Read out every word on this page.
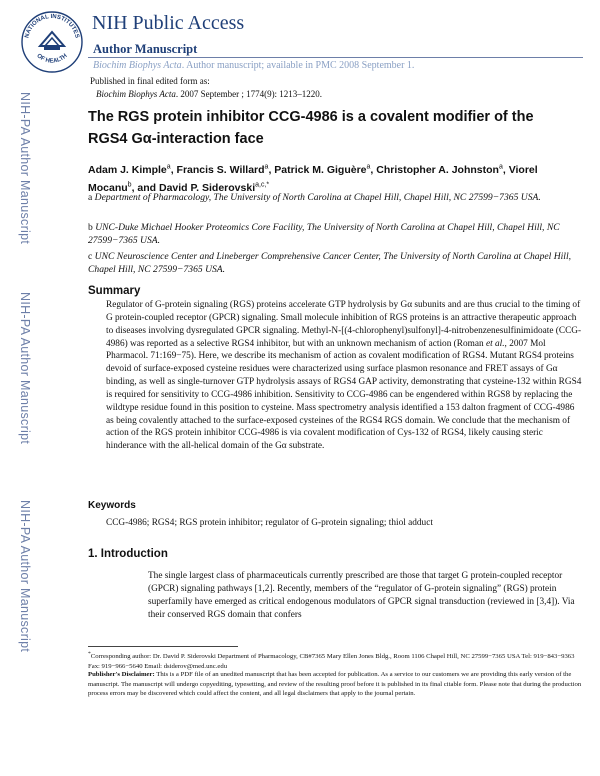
NATIONAL INSTITUTES
OF HEALTH
NIH Public Access
Author Manuscript
Biochim Biophys Acta. Author manuscript; available in PMC 2008 September 1.
Published in final edited form as:
Biochim Biophys Acta. 2007 September ; 1774(9): 1213–1220.
NIH-PA Author Manuscript
NIH-PA Author Manuscript
NIH-PA Author Manuscript
The RGS protein inhibitor CCG-4986 is a covalent modifier of the RGS4 Gα-interaction face
Adam J. Kimple$^a$, Francis S. Willard$^a$, Patrick M. Giguère$^a$, Christopher A. Johnston$^a$, Viorel Mocanu$^b$, and David P. Siderovski$^{a,c,*}$
a Department of Pharmacology, The University of North Carolina at Chapel Hill, Chapel Hill, NC 27599−7365 USA.
b UNC-Duke Michael Hooker Proteomics Core Facility, The University of North Carolina at Chapel Hill, Chapel Hill, NC 27599−7365 USA.
c UNC Neuroscience Center and Lineberger Comprehensive Cancer Center, The University of North Carolina at Chapel Hill, Chapel Hill, NC 27599−7365 USA.
Summary
Regulator of G-protein signaling (RGS) proteins accelerate GTP hydrolysis by Gα subunits and are thus crucial to the timing of G protein-coupled receptor (GPCR) signaling. Small molecule inhibition of RGS proteins is an attractive therapeutic approach to diseases involving dysregulated GPCR signaling. Methyl-N-[(4-chlorophenyl)sulfonyl]-4-nitrobenzenesulfinimidoate (CCG-4986) was reported as a selective RGS4 inhibitor, but with an unknown mechanism of action (Roman et al., 2007 Mol Pharmacol. 71:169−75). Here, we describe its mechanism of action as covalent modification of RGS4. Mutant RGS4 proteins devoid of surface-exposed cysteine residues were characterized using surface plasmon resonance and FRET assays of Gα binding, as well as single-turnover GTP hydrolysis assays of RGS4 GAP activity, demonstrating that cysteine-132 within RGS4 is required for sensitivity to CCG-4986 inhibition. Sensitivity to CCG-4986 can be engendered within RGS8 by replacing the wildtype residue found in this position to cysteine. Mass spectrometry analysis identified a 153 dalton fragment of CCG-4986 as being covalently attached to the surface-exposed cysteines of the RGS4 RGS domain. We conclude that the mechanism of action of the RGS protein inhibitor CCG-4986 is via covalent modification of Cys-132 of RGS4, likely causing steric hinderance with the all-helical domain of the Gα substrate.
Keywords
CCG-4986; RGS4; RGS protein inhibitor; regulator of G-protein signaling; thiol adduct
1. Introduction
The single largest class of pharmaceuticals currently prescribed are those that target G protein-coupled receptor (GPCR) signaling pathways [1,2]. Recently, members of the “regulator of G-protein signaling” (RGS) protein superfamily have emerged as critical endogenous modulators of GPCR signal transduction (reviewed in [3,4]). Via their conserved RGS domain that confers
*Corresponding author: Dr. David P. Siderovski Department of Pharmacology, CB#7365 Mary Ellen Jones Bldg., Room 1106 Chapel Hill, NC 27599−7365 USA Tel: 919−843−9363 Fax: 919−966−5640 Email: dsiderov@med.unc.edu
Publisher's Disclaimer: This is a PDF file of an unedited manuscript that has been accepted for publication. As a service to our customers we are providing this early version of the manuscript. The manuscript will undergo copyediting, typesetting, and review of the resulting proof before it is published in its final citable form. Please note that during the production process errors may be discovered which could affect the content, and all legal disclaimers that apply to the journal pertain.
